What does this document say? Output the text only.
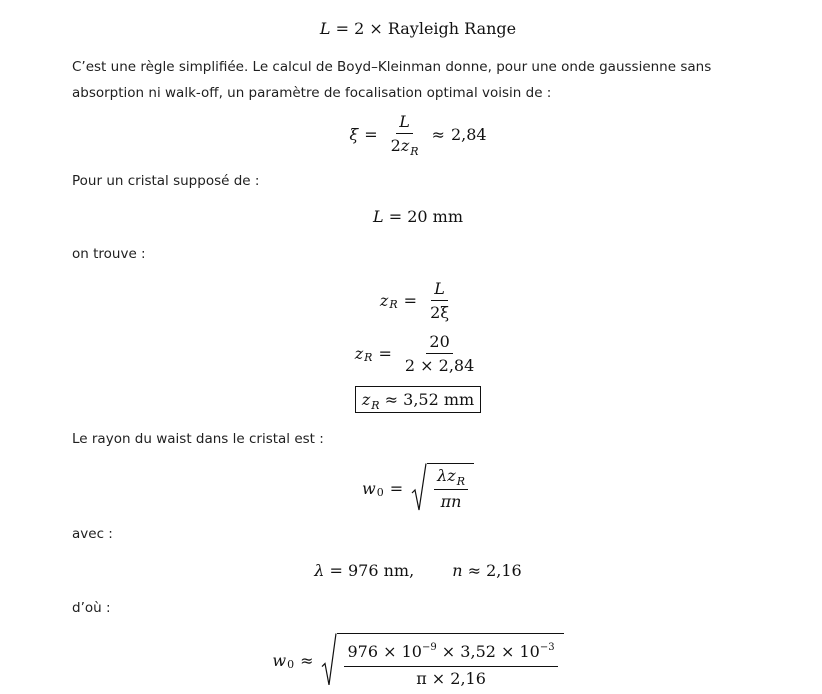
L
= 2 × Rayleigh Range
C’est une règle simplifiée. Le calcul de Boyd–Kleinman donne, pour une onde gaussienne sans absorption ni walk-off, un paramètre de focalisation optimal voisin de :
$\xi = \frac{L}{2z_R} \approx 2,84$
Pour un cristal supposé de :
L
= 20 mm
on trouve :
z $R = \frac{L}{2\xi}$
z $R = \frac{20}{2 \times 2,84}$
$z_R \approx 3,52$ mm
Le rayon du waist dans le cristal est :
w $0 = \frac{\lambda z_R}{\pi n}$
avec :
λ
= 976 nm, n
≈ 2,16
d’où :
w $0 \approx \frac{976 \times 10^{-9} \times 3,52 \times 10^{-3}}{\pi \times 2,16}$
